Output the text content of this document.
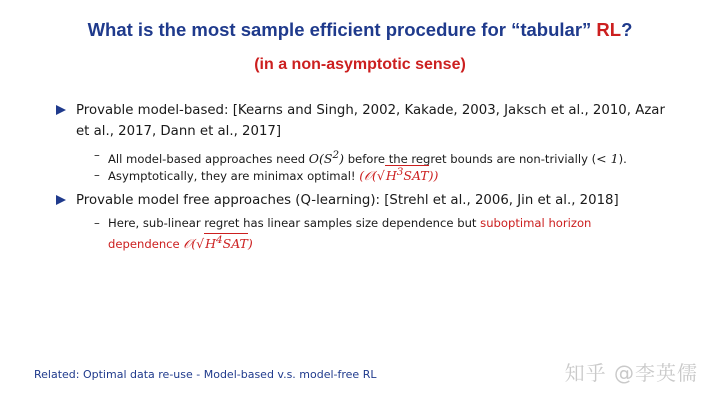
What is the most sample efficient procedure for “tabular” RL?
(in a non-asymptotic sense)
Provable model-based: [Kearns and Singh, 2002, Kakade, 2003, Jaksch et al., 2010, Azar et al., 2017, Dann et al., 2017]
– All model-based approaches need $O(S^2)$ before the regret bounds are non-trivially (< 1).
– Asymptotically, they are minimax optimal! $(𝒪(√H^3SAT))$
Provable model free approaches (Q-learning): [Strehl et al., 2006, Jin et al., 2018]
– Here, sub-linear regret has linear samples size dependence but suboptimal horizon
dependence $𝒪(√H^4SAT)$
Related: Optimal data re-use - Model-based v.s. model-free RL	知乎 @李英儒
